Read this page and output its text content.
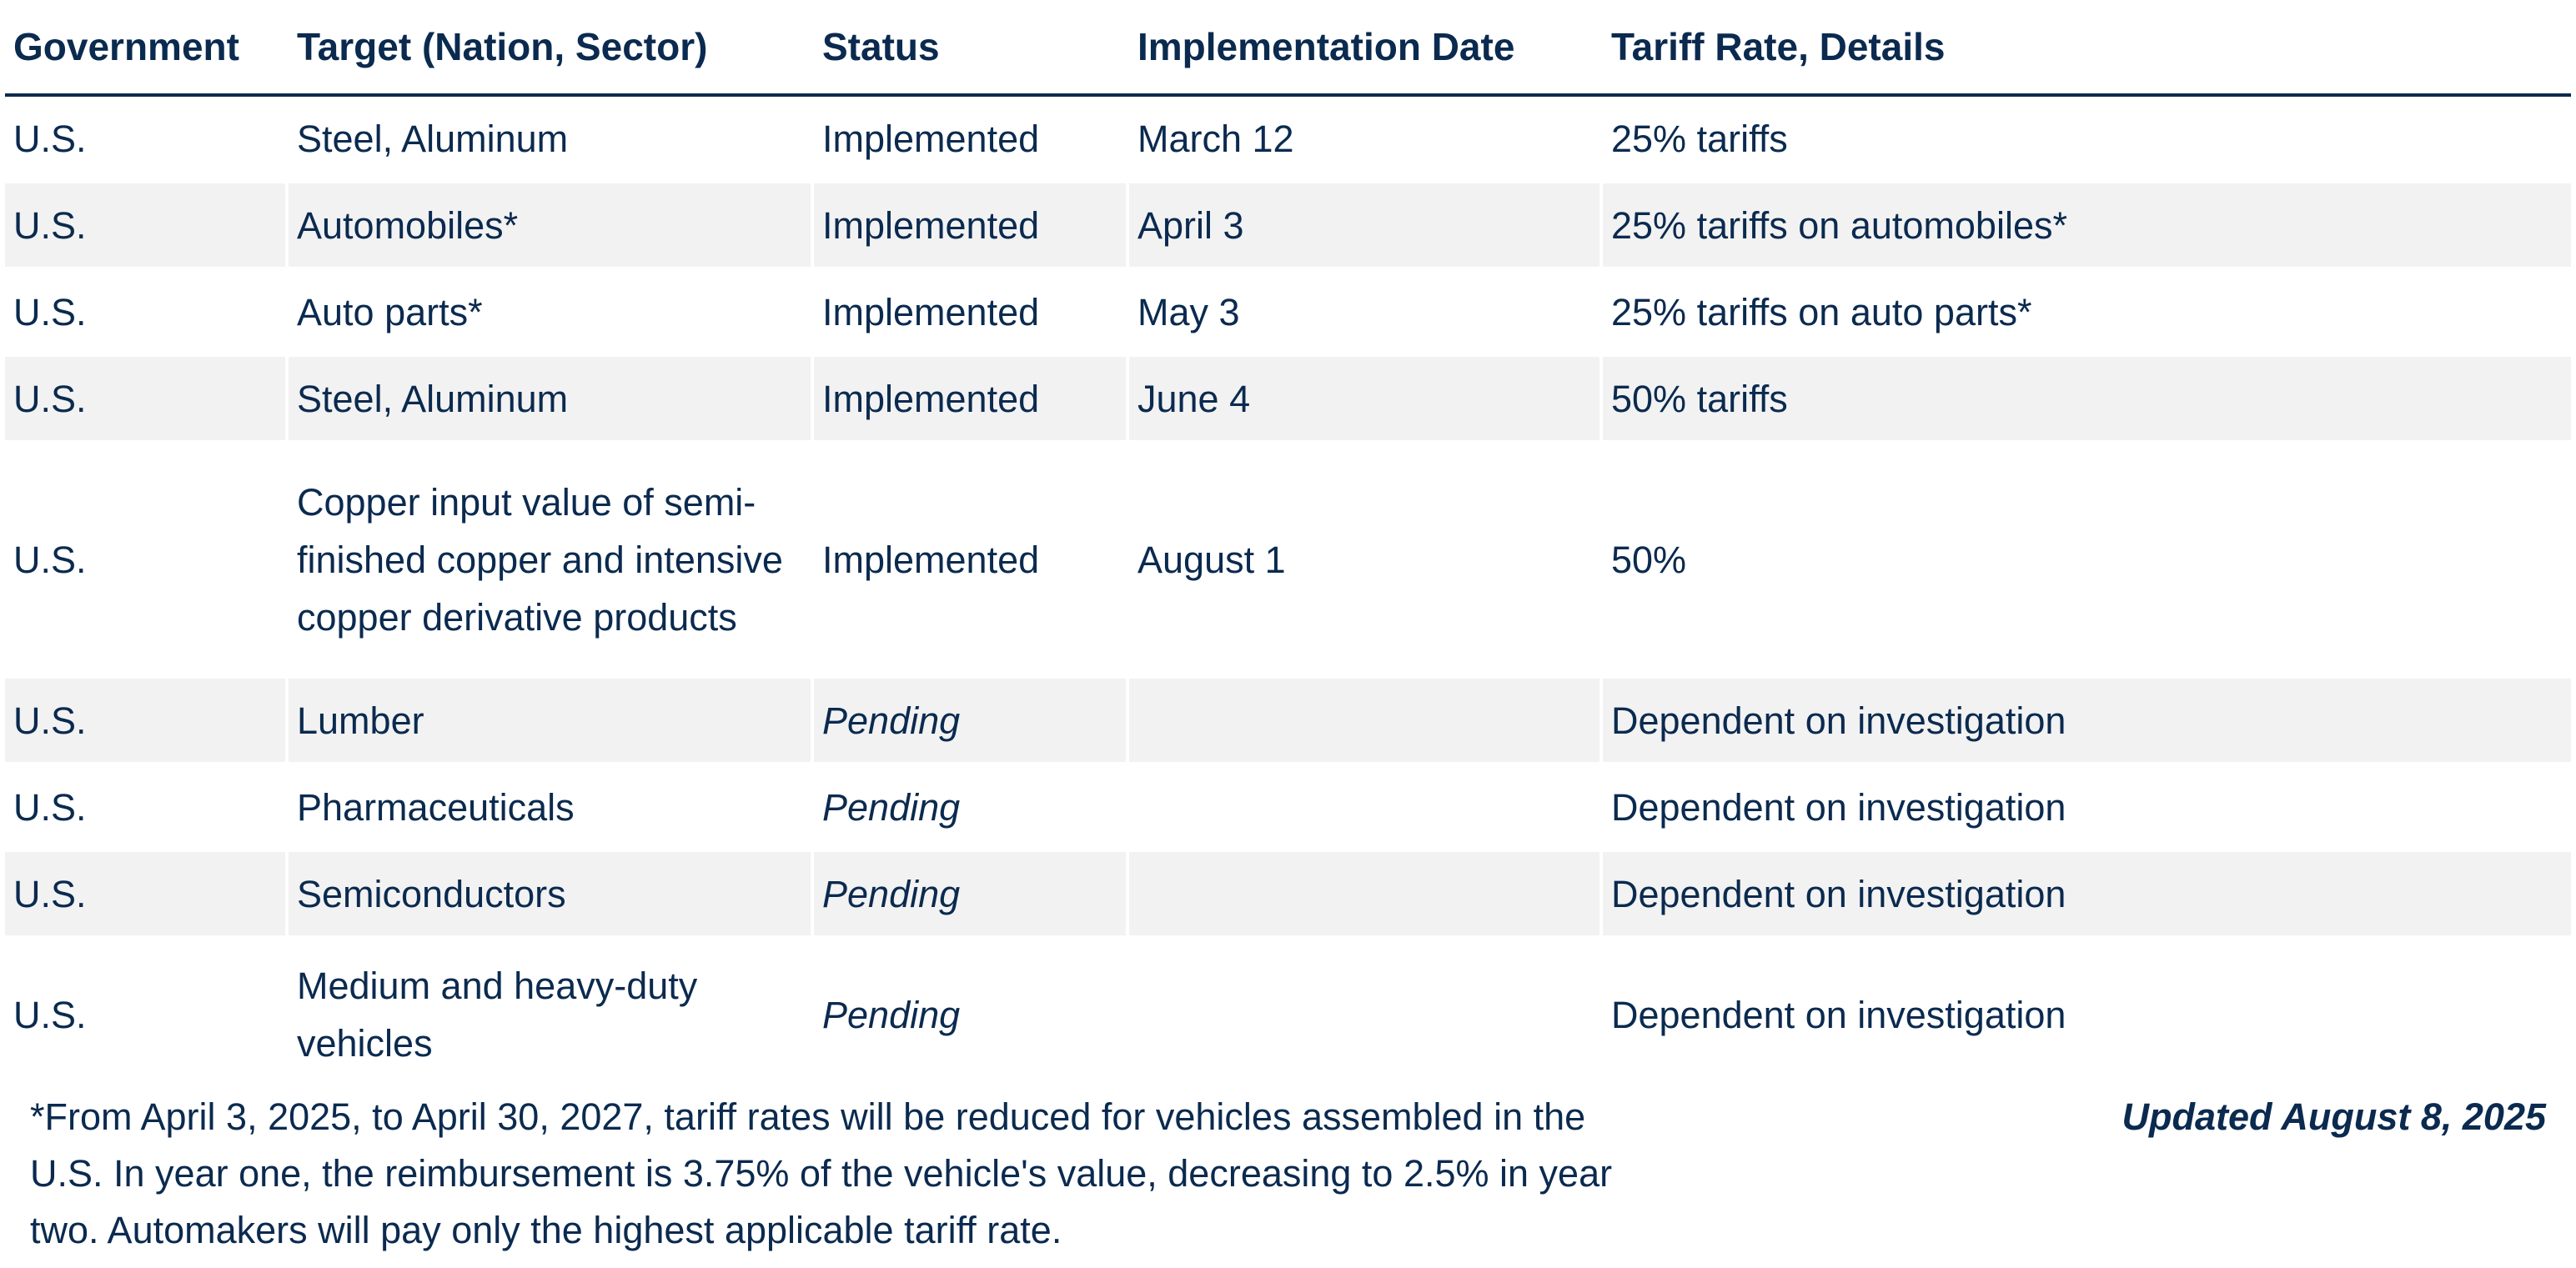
Government	Target (Nation, Sector)	Status	Implementation Date	Tariff Rate, Details
U.S.	Steel, Aluminum	Implemented	March 12	25% tariffs
U.S.	Automobiles*	Implemented	April 3	25% tariffs on automobiles*
U.S.	Auto parts*	Implemented	May 3	25% tariffs on auto parts*
U.S.	Steel, Aluminum	Implemented	June 4	50% tariffs
U.S.	Copper input value of semi-finished copper and intensive copper derivative products	Implemented	August 1	50%
U.S.	Lumber	Pending		Dependent on investigation
U.S.	Pharmaceuticals	Pending		Dependent on investigation
U.S.	Semiconductors	Pending		Dependent on investigation
U.S.	Medium and heavy-duty vehicles	Pending		Dependent on investigation
*From April 3, 2025, to April 30, 2027, tariff rates will be reduced for vehicles assembled in the U.S. In year one, the reimbursement is 3.75% of the vehicle's value, decreasing to 2.5% in year two. Automakers will pay only the highest applicable tariff rate.
Updated August 8, 2025
